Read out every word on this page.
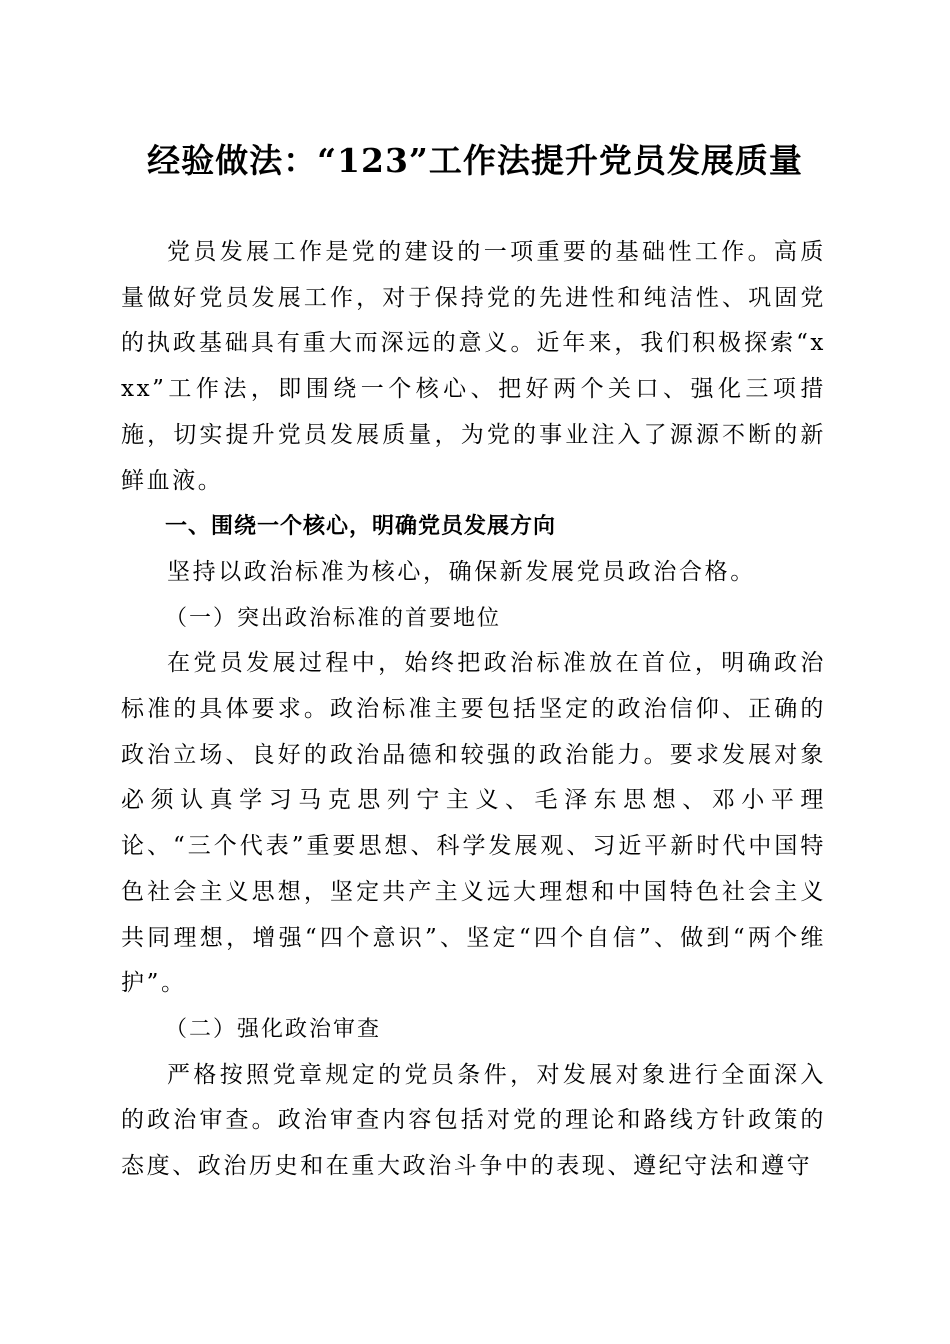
经验做法：“123”工作法提升党员发展质量

党员发展工作是党的建设的一项重要的基础性工作。高质量做好党员发展工作，对于保持党的先进性和纯洁性、巩固党的执政基础具有重大而深远的意义。近年来，我们积极探索“xxx”工作法，即围绕一个核心、把好两个关口、强化三项措施，切实提升党员发展质量，为党的事业注入了源源不断的新鲜血液。

一、围绕一个核心，明确党员发展方向

坚持以政治标准为核心，确保新发展党员政治合格。

（一）突出政治标准的首要地位

在党员发展过程中，始终把政治标准放在首位，明确政治标准的具体要求。政治标准主要包括坚定的政治信仰、正确的政治立场、良好的政治品德和较强的政治能力。要求发展对象必须认真学习马克思列宁主义、毛泽东思想、邓小平理论、“三个代表”重要思想、科学发展观、习近平新时代中国特色社会主义思想，坚定共产主义远大理想和中国特色社会主义共同理想，增强“四个意识”、坚定“四个自信”、做到“两个维护”。

（二）强化政治审查

严格按照党章规定的党员条件，对发展对象进行全面深入的政治审查。政治审查内容包括对党的理论和路线方针政策的态度、政治历史和在重大政治斗争中的表现、遵纪守法和遵守
